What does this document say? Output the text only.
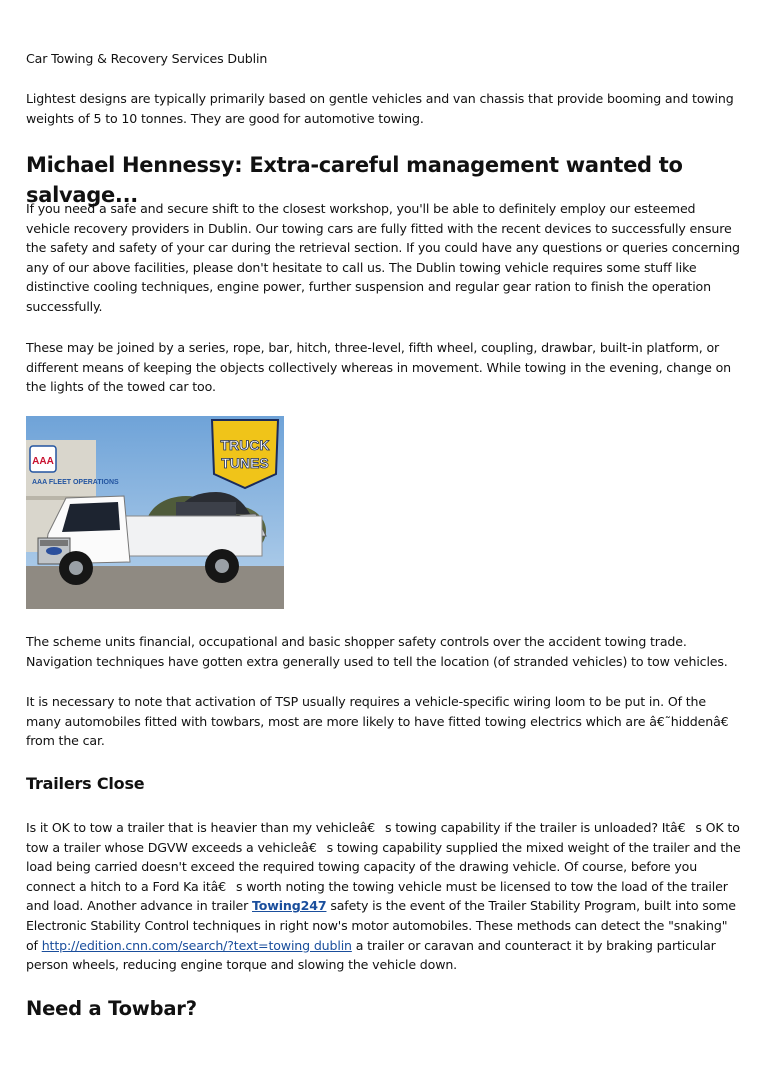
Car Towing & Recovery Services Dublin

Lightest designs are typically primarily based on gentle vehicles and van chassis that provide booming and towing weights of 5 to 10 tonnes. They are good for automotive towing.

Michael Hennessy: Extra-careful management wanted to salvage...

If you need a safe and secure shift to the closest workshop, you'll be able to definitely employ our esteemed vehicle recovery providers in Dublin. Our towing cars are fully fitted with the recent devices to successfully ensure the safety and safety of your car during the retrieval section. If you could have any questions or queries concerning any of our above facilities, please don't hesitate to call us. The Dublin towing vehicle requires some stuff like distinctive cooling techniques, engine power, further suspension and regular gear ration to finish the operation successfully.

These may be joined by a series, rope, bar, hitch, three-level, fifth wheel, coupling, drawbar, built-in platform, or different means of keeping the objects collectively whereas in movement. While towing in the evening, change on the lights of the towed car too.

AAA
AAA FLEET OPERATIONS
TRUCK
TUNES

The scheme units financial, occupational and basic shopper safety controls over the accident towing trade. Navigation techniques have gotten extra generally used to tell the location (of stranded vehicles) to tow vehicles.

It is necessary to note that activation of TSP usually requires a vehicle-specific wiring loom to be put in. Of the many automobiles fitted with towbars, most are more likely to have fitted towing electrics which are â€˜hiddenâ€ from the car.

Trailers Close

Is it OK to tow a trailer that is heavier than my vehicleâ€s towing capability if the trailer is unloaded? Itâ€s OK to tow a trailer whose DGVW exceeds a vehicleâ€s towing capability supplied the mixed weight of the trailer and the load being carried doesn't exceed the required towing capacity of the drawing vehicle. Of course, before you connect a hitch to a Ford Ka itâ€s worth noting the towing vehicle must be licensed to tow the load of the trailer and load. Another advance in trailer Towing247 safety is the event of the Trailer Stability Program, built into some Electronic Stability Control techniques in right now's motor automobiles. These methods can detect the "snaking" of http://edition.cnn.com/search/?text=towing dublin a trailer or caravan and counteract it by braking particular person wheels, reducing engine torque and slowing the vehicle down.

Need a Towbar?
